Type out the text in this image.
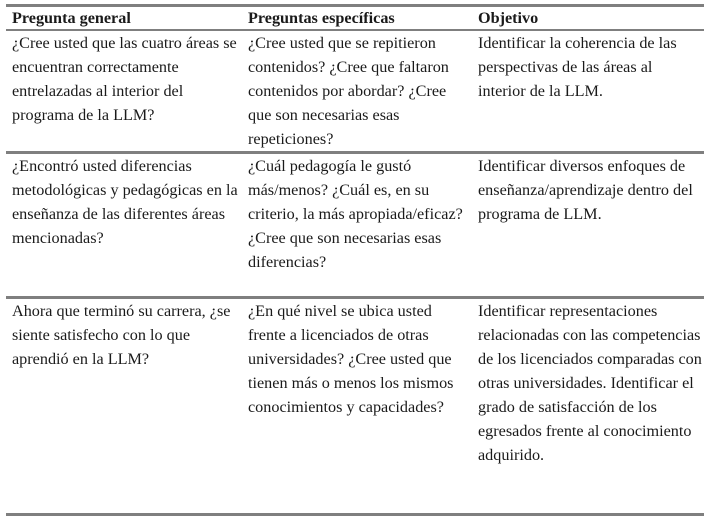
Pregunta general	Preguntas específicas	Objetivo
¿Cree usted que las cuatro áreas se encuentran correctamente entrelazadas al interior del programa de la LLM?
¿Cree usted que se repitieron contenidos? ¿Cree que faltaron contenidos por abordar? ¿Cree que son necesarias esas repeticiones?
Identificar la coherencia de las perspectivas de las áreas al interior de la LLM.
¿Encontró usted diferencias metodológicas y pedagógicas en la enseñanza de las diferentes áreas mencionadas?
¿Cuál pedagogía le gustó más/menos? ¿Cuál es, en su criterio, la más apropiada/eficaz?¿Cree que son necesarias esas diferencias?
Identificar diversos enfoques de enseñanza/aprendizaje dentro del programa de LLM.
Ahora que terminó su carrera, ¿se siente satisfecho con lo que aprendió en la LLM?
¿En qué nivel se ubica usted frente a licenciados de otras universidades? ¿Cree usted que tienen más o menos los mismos conocimientos y capacidades?
Identificar representaciones relacionadas con las competencias de los licenciados comparadas con otras universidades. Identificar el grado de satisfacción de los egresados frente al conocimiento adquirido.
